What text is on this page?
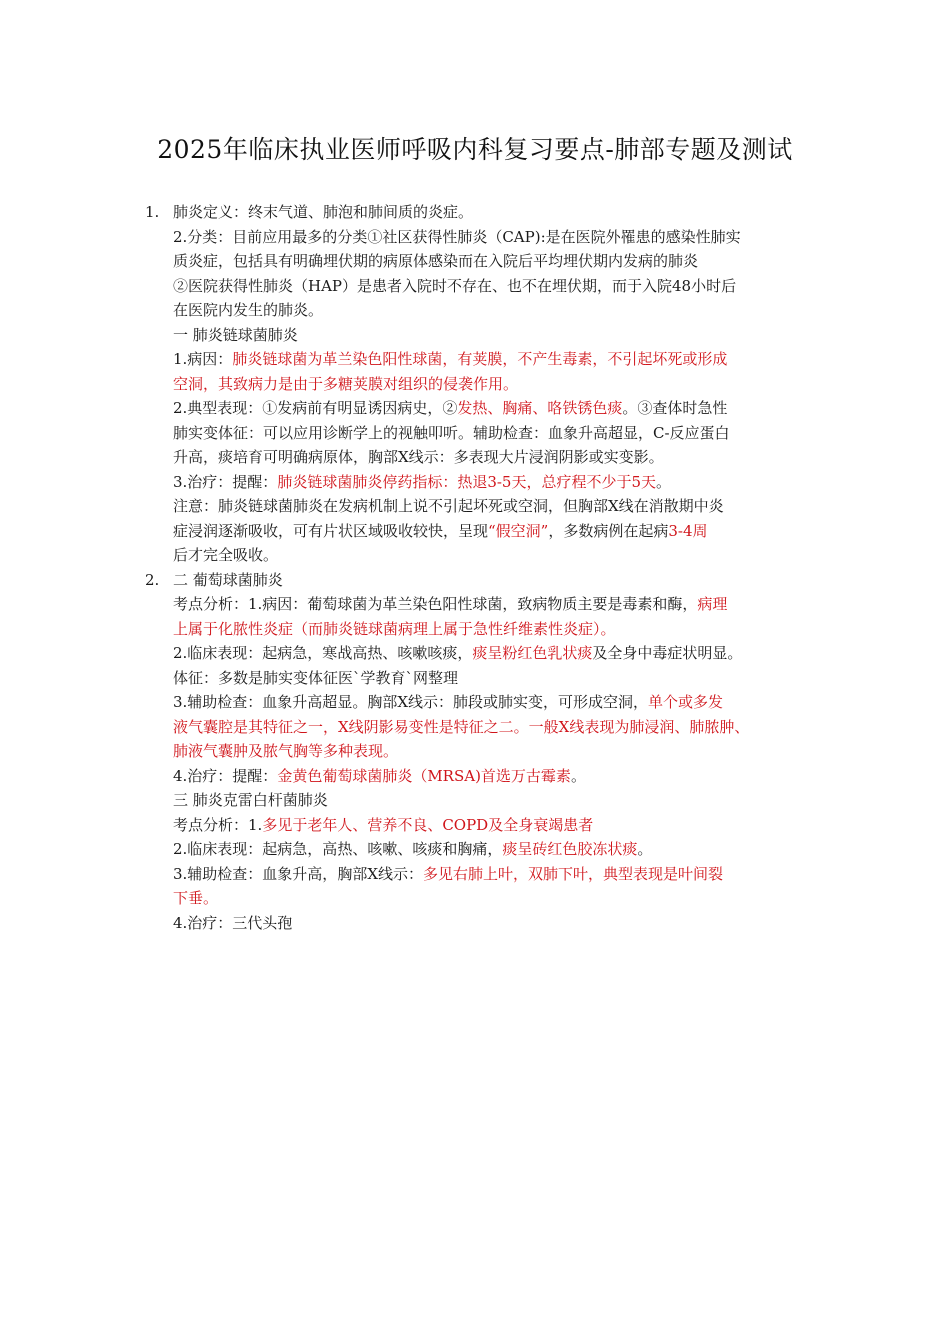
2025年临床执业医师呼吸内科复习要点-肺部专题及测试
1. 肺炎定义：终末气道、肺泡和肺间质的炎症。
2.分类：目前应用最多的分类①社区获得性肺炎（CAP):是在医院外罹患的感染性肺实
质炎症，包括具有明确埋伏期的病原体感染而在入院后平均埋伏期内发病的肺炎
②医院获得性肺炎（HAP）是患者入院时不存在、也不在埋伏期，而于入院48小时后
在医院内发生的肺炎。
一 肺炎链球菌肺炎
1.病因：肺炎链球菌为革兰染色阳性球菌，有荚膜，不产生毒素，不引起坏死或形成
空洞，其致病力是由于多糖荚膜对组织的侵袭作用。
2.典型表现：①发病前有明显诱因病史，②发热、胸痛、咯铁锈色痰。③查体时急性
肺实变体征：可以应用诊断学上的视触叩听。辅助检查：血象升高超显，C-反应蛋白
升高，痰培育可明确病原体，胸部X线示：多表现大片浸润阴影或实变影。
3.治疗：提醒：肺炎链球菌肺炎停药指标：热退3-5天，总疗程不少于5天。
注意：肺炎链球菌肺炎在发病机制上说不引起坏死或空洞，但胸部X线在消散期中炎
症浸润逐渐吸收，可有片状区域吸收较快，呈现“假空洞”，多数病例在起病3-4周
后才完全吸收。
2. 二 葡萄球菌肺炎
考点分析：1.病因：葡萄球菌为革兰染色阳性球菌，致病物质主要是毒素和酶，病理
上属于化脓性炎症（而肺炎链球菌病理上属于急性纤维素性炎症）。
2.临床表现：起病急，寒战高热、咳嗽咳痰，痰呈粉红色乳状痰及全身中毒症状明显。
体征：多数是肺实变体征医`学教育`网整理
3.辅助检查：血象升高超显。胸部X线示：肺段或肺实变，可形成空洞，单个或多发
液气囊腔是其特征之一，X线阴影易变性是特征之二。一般X线表现为肺浸润、肺脓肿、
肺液气囊肿及脓气胸等多种表现。
4.治疗：提醒：金黄色葡萄球菌肺炎（MRSA)首选万古霉素。
三 肺炎克雷白杆菌肺炎
考点分析：1.多见于老年人、营养不良、COPD及全身衰竭患者
2.临床表现：起病急，高热、咳嗽、咳痰和胸痛，痰呈砖红色胶冻状痰。
3.辅助检查：血象升高，胸部X线示：多见右肺上叶，双肺下叶，典型表现是叶间裂
下垂。
4.治疗：三代头孢
